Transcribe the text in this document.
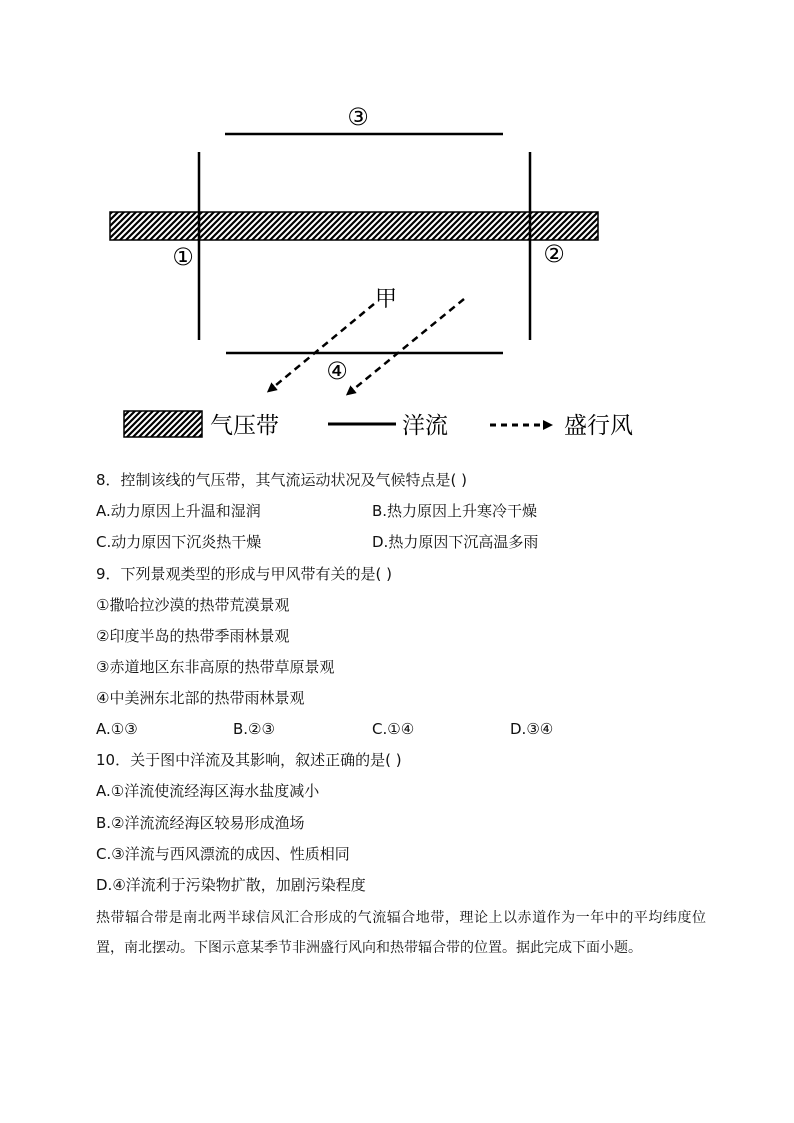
③
①	②
④
甲
气压带	洋流	盛行风
8．控制该线的气压带，其气流运动状况及气候特点是( )
A.动力原因上升温和湿润	B.热力原因上升寒冷干燥
C.动力原因下沉炎热干燥	D.热力原因下沉高温多雨
9．下列景观类型的形成与甲风带有关的是( )
①撒哈拉沙漠的热带荒漠景观
②印度半岛的热带季雨林景观
③赤道地区东非高原的热带草原景观
④中美洲东北部的热带雨林景观
A.①③	B.②③	C.①④	D.③④
10．关于图中洋流及其影响，叙述正确的是( )
A.①洋流使流经海区海水盐度减小
B.②洋流流经海区较易形成渔场
C.③洋流与西风漂流的成因、性质相同
D.④洋流利于污染物扩散，加剧污染程度
热带辐合带是南北两半球信风汇合形成的气流辐合地带，理论上以赤道作为一年中的平均纬度位置，南北摆动。下图示意某季节非洲盛行风向和热带辐合带的位置。据此完成下面小题。
